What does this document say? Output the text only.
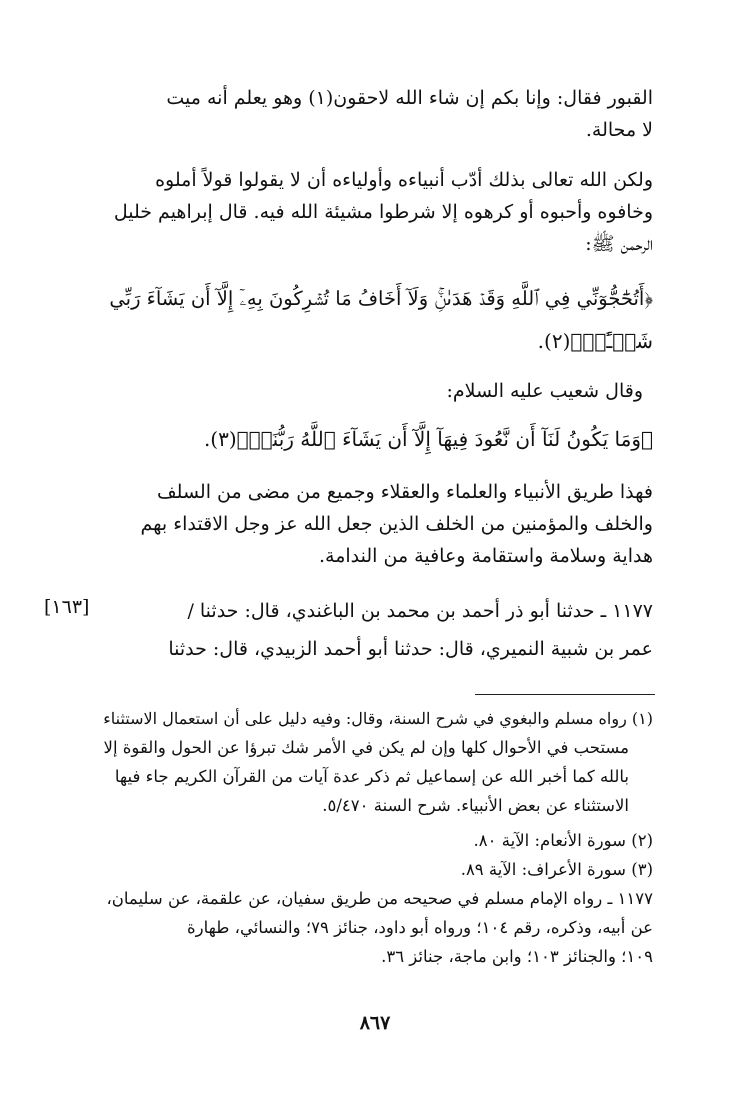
القبور فقال: وإنا بكم إن شاء الله لاحقون(١) وهو يعلم أنه ميت
لا محالة.
ولكن الله تعالى بذلك أدّب أنبياءه وأولياءه أن لا يقولوا قولاً أملوه
وخافوه وأحبوه أو كرهوه إلا شرطوا مشيئة الله فيه. قال إبراهيم خليل
الرحمن ﷺ:
﴿أَتُحَٰٓجُّوٓنِّي فِي ٱللَّهِ وَقَدۡ هَدَىٰنِۚ وَلَآ أَخَافُ مَا تُشۡرِكُونَ بِهِۦٓ إِلَّآ أَن يَشَآءَ رَبِّي
شَيۡـًٔاۗ﴾(٢).
وقال شعيب عليه السلام:
﴿وَمَا يَكُونُ لَنَآ أَن نَّعُودَ فِيهَآ إِلَّآ أَن يَشَآءَ ٱللَّهُ رَبُّنَاۚ﴾(٣).
فهذا طريق الأنبياء والعلماء والعقلاء وجميع من مضى من السلف
والخلف والمؤمنين من الخلف الذين جعل الله عز وجل الاقتداء بهم
هداية وسلامة واستقامة وعافية من الندامة.
١١٧٧ ـ حدثنا أبو ذر أحمد بن محمد بن الباغندي، قال: حدثنا /
عمر بن شبية النميري، قال: حدثنا أبو أحمد الزبيدي، قال: حدثنا
[١٦٣]
(١) رواه مسلم والبغوي في شرح السنة، وقال: وفيه دليل على أن استعمال الاستثناء
مستحب في الأحوال كلها وإن لم يكن في الأمر شك تبرؤا عن الحول والقوة إلا
بالله كما أخبر الله عن إسماعيل ثم ذكر عدة آيات من القرآن الكريم جاء فيها
الاستثناء عن بعض الأنبياء. شرح السنة ٥/٤٧٠.
(٢) سورة الأنعام: الآية ٨٠.
(٣) سورة الأعراف: الآية ٨٩.
١١٧٧ ـ رواه الإمام مسلم في صحيحه من طريق سفيان، عن علقمة، عن سليمان،
عن أبيه، وذكره، رقم ١٠٤؛ ورواه أبو داود، جنائز ٧٩؛ والنسائي، طهارة
١٠٩؛ والجنائز ١٠٣؛ وابن ماجة، جنائز ٣٦.
٨٦٧
